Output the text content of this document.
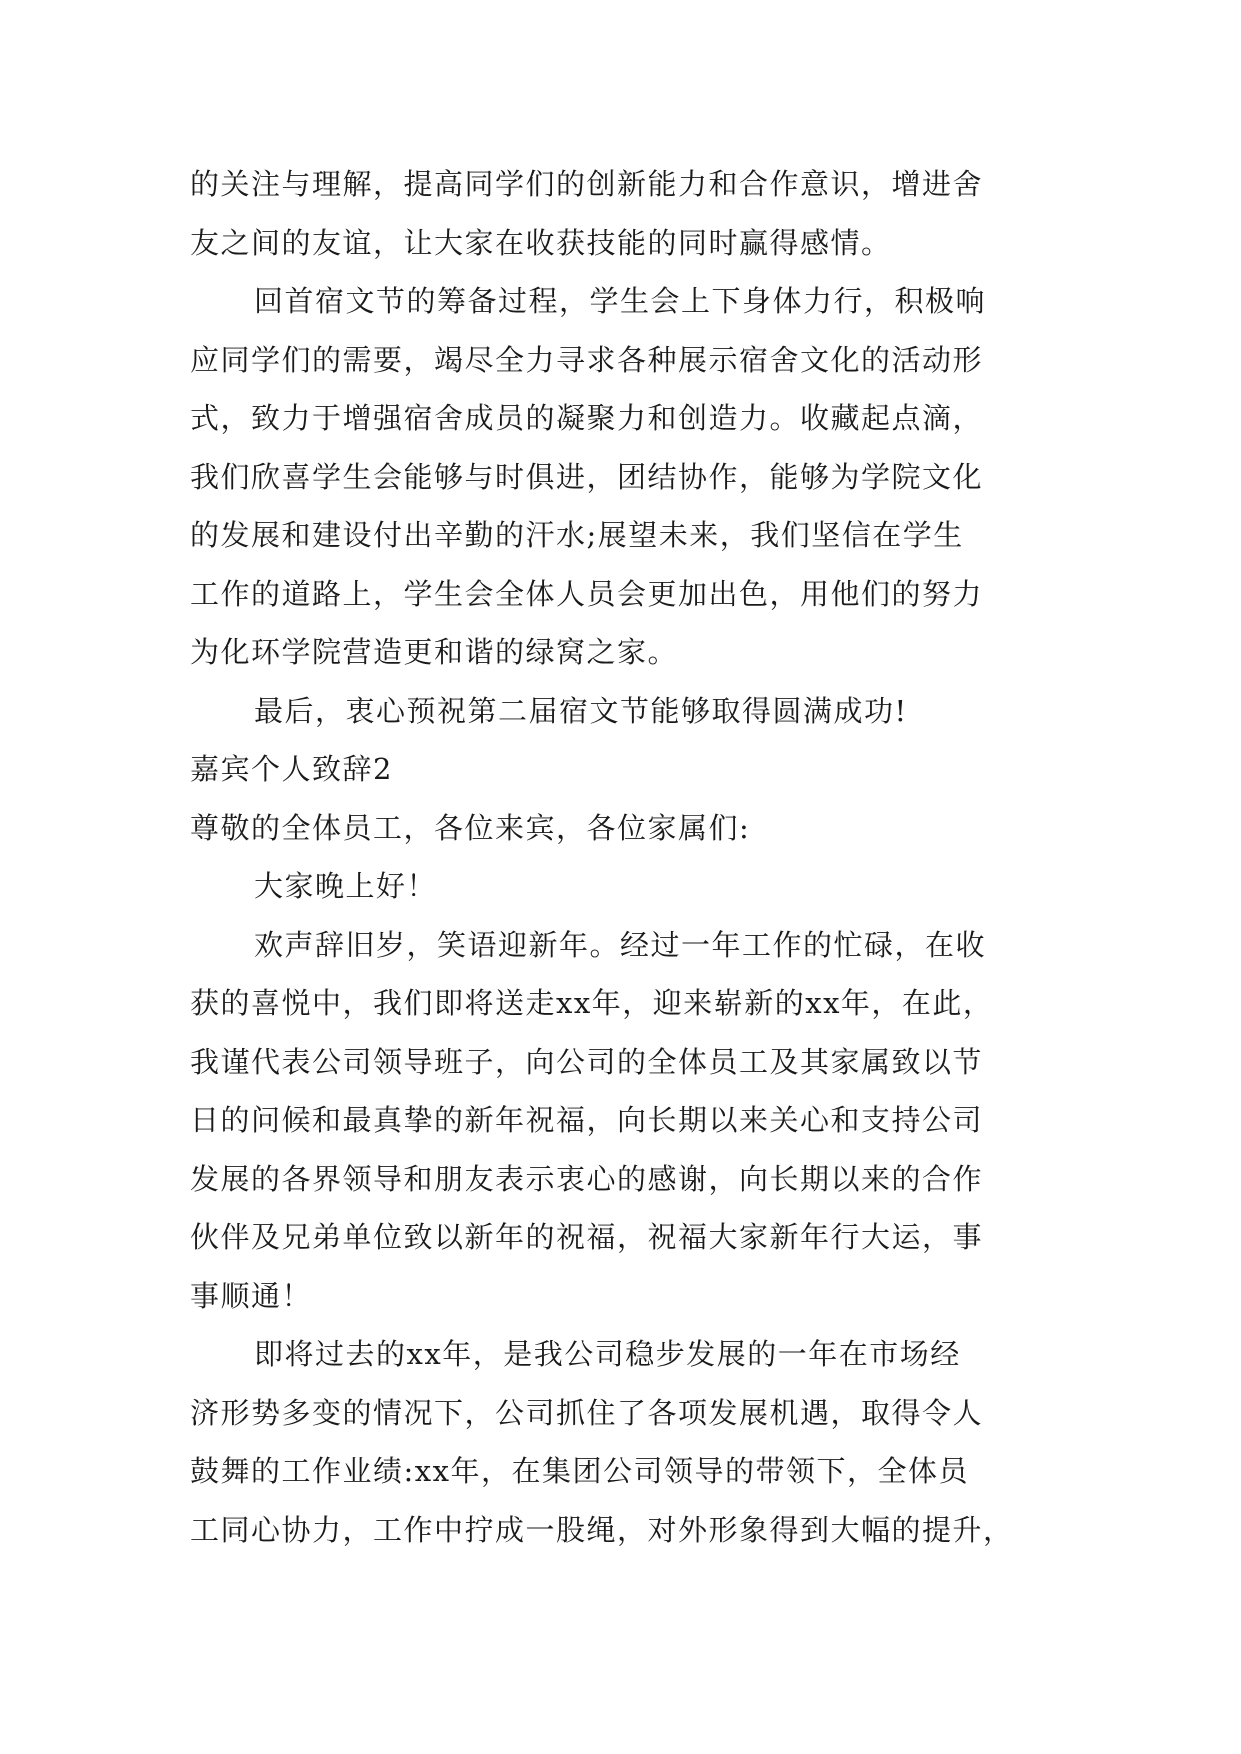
的关注与理解，提高同学们的创新能力和合作意识，增进舍
友之间的友谊，让大家在收获技能的同时赢得感情。
回首宿文节的筹备过程，学生会上下身体力行，积极响
应同学们的需要，竭尽全力寻求各种展示宿舍文化的活动形
式，致力于增强宿舍成员的凝聚力和创造力。收藏起点滴，
我们欣喜学生会能够与时俱进，团结协作，能够为学院文化
的发展和建设付出辛勤的汗水;展望未来，我们坚信在学生
工作的道路上，学生会全体人员会更加出色，用他们的努力
为化环学院营造更和谐的绿窝之家。
最后，衷心预祝第二届宿文节能够取得圆满成功!
嘉宾个人致辞2
尊敬的全体员工，各位来宾，各位家属们:
大家晚上好！
欢声辞旧岁，笑语迎新年。经过一年工作的忙碌，在收
获的喜悦中，我们即将送走xx年，迎来崭新的xx年，在此，
我谨代表公司领导班子，向公司的全体员工及其家属致以节
日的问候和最真挚的新年祝福，向长期以来关心和支持公司
发展的各界领导和朋友表示衷心的感谢，向长期以来的合作
伙伴及兄弟单位致以新年的祝福，祝福大家新年行大运，事
事顺通！
即将过去的xx年，是我公司稳步发展的一年在市场经
济形势多变的情况下，公司抓住了各项发展机遇，取得令人
鼓舞的工作业绩:xx年，在集团公司领导的带领下，全体员
工同心协力，工作中拧成一股绳，对外形象得到大幅的提升，
